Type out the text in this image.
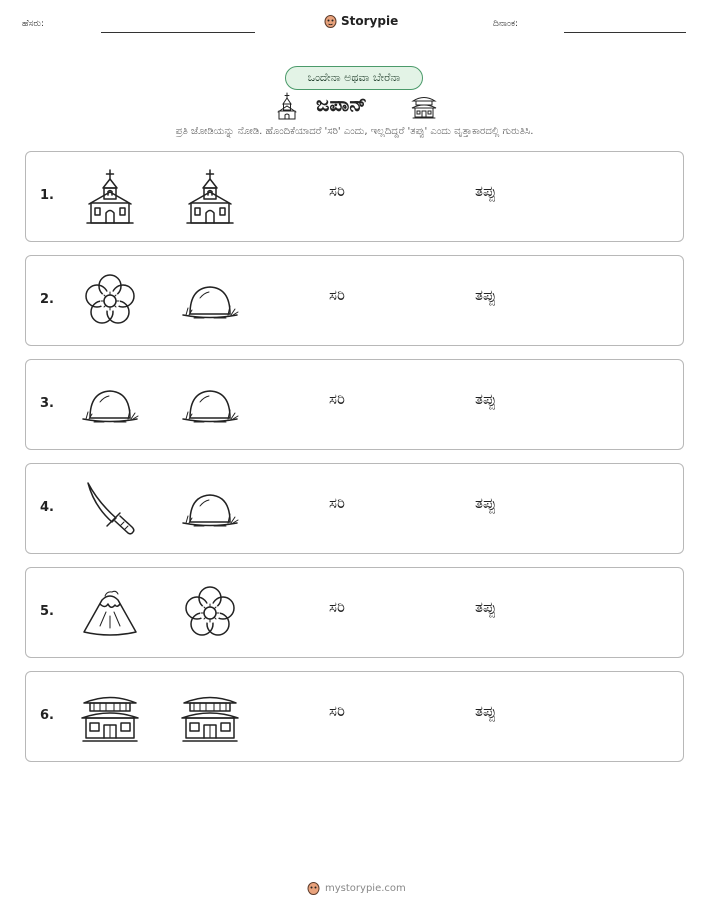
ಹೆಸರು:	Storypie	ದಿನಾಂಕ:
ಒಂದೇನಾ ಅಥವಾ ಬೇರೆನಾ
ಜಪಾನ್
ಪ್ರತಿ ಜೋಡಿಯನ್ನು ನೋಡಿ. ಹೊಂದಿಕೆಯಾದರೆ 'ಸರಿ' ಎಂದು, ಇಲ್ಲದಿದ್ದರೆ 'ತಪ್ಪು' ಎಂದು ವೃತ್ತಾಕಾರದಲ್ಲಿ ಗುರುತಿಸಿ.
1.	ಸರಿ	ತಪ್ಪು
2.	ಸರಿ	ತಪ್ಪು
3.	ಸರಿ	ತಪ್ಪು
4.	ಸರಿ	ತಪ್ಪು
5.	ಸರಿ	ತಪ್ಪು
6.	ಸರಿ	ತಪ್ಪು
mystorypie.com
